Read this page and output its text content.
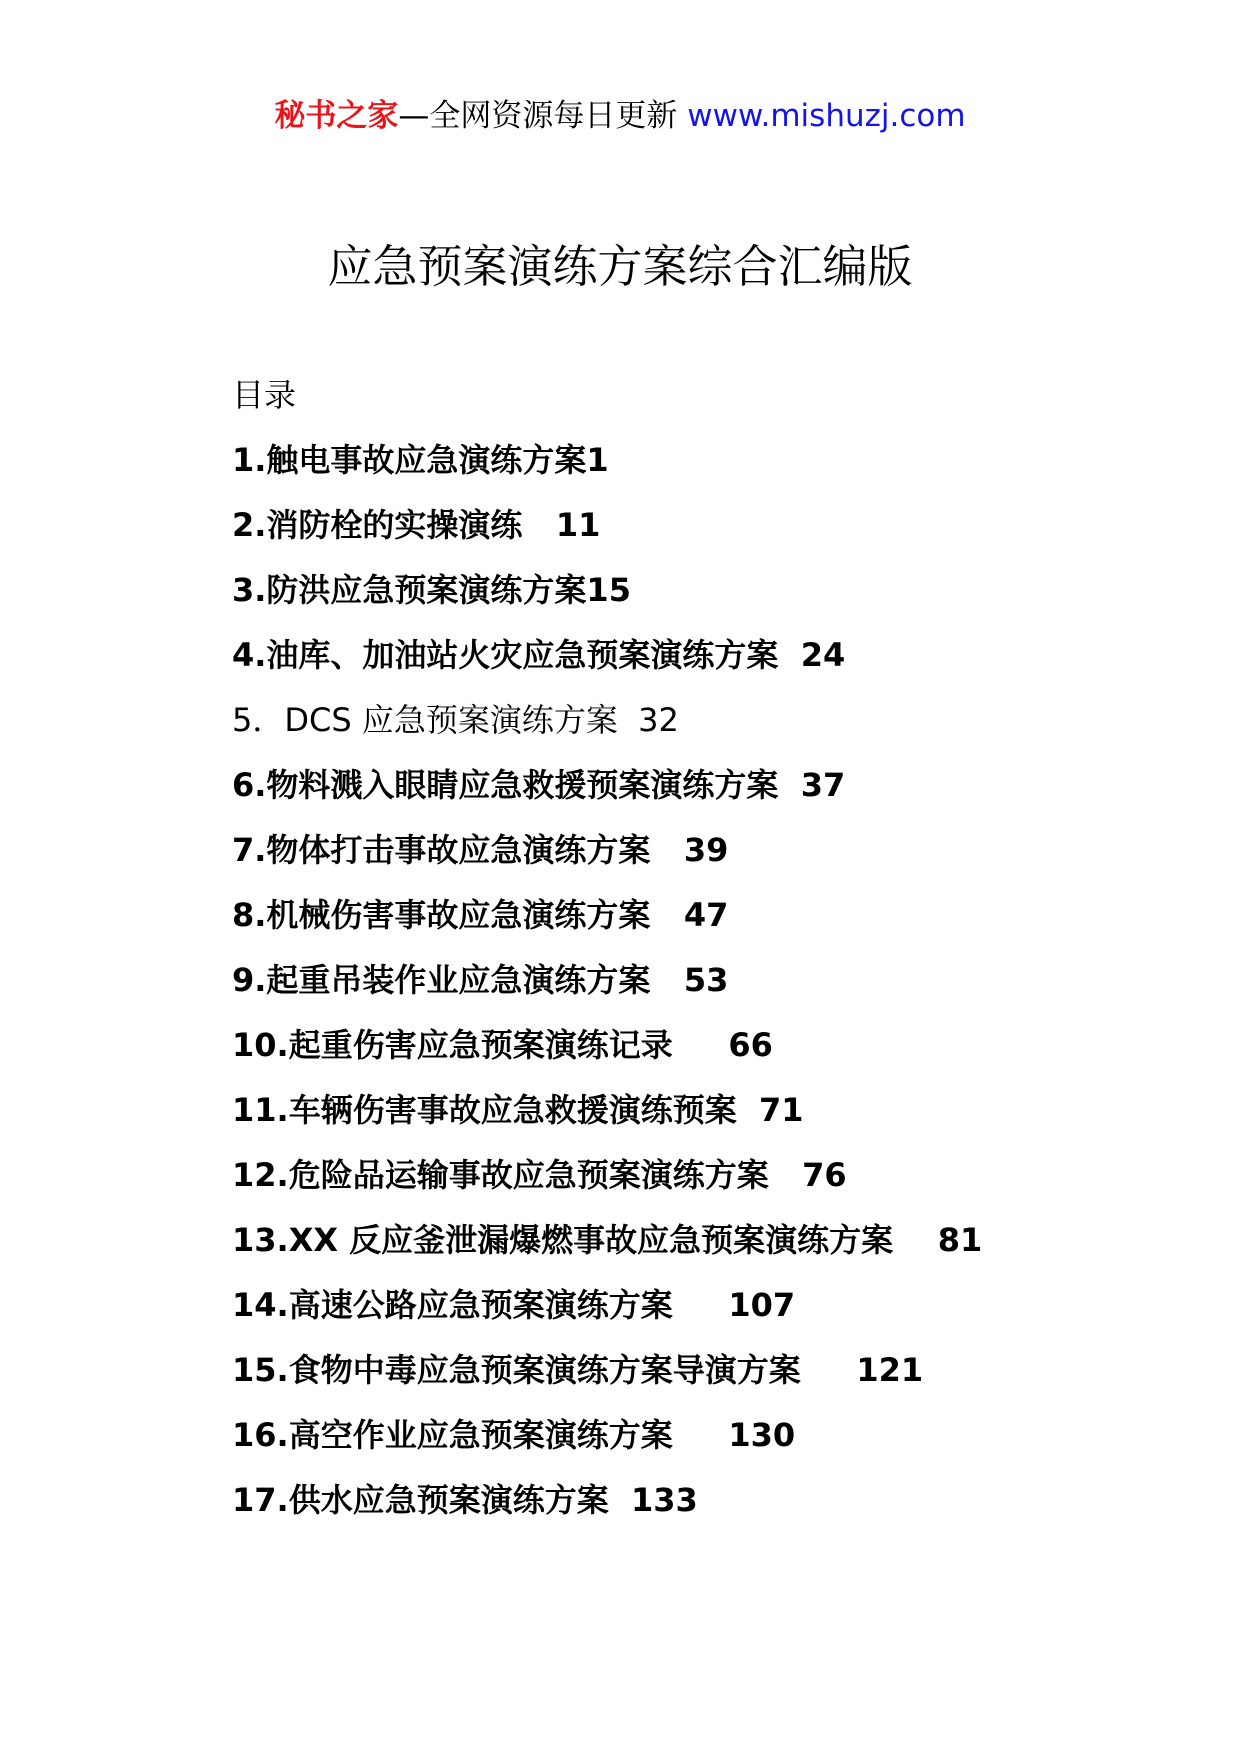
秘书之家—全网资源每日更新 www.mishuzj.com
应急预案演练方案综合汇编版
目录
1.触电事故应急演练方案1
2.消防栓的实操演练   11
3.防洪应急预案演练方案15
4.油库、加油站火灾应急预案演练方案  24
5．DCS 应急预案演练方案  32
6.物料溅入眼睛应急救援预案演练方案  37
7.物体打击事故应急演练方案   39
8.机械伤害事故应急演练方案   47
9.起重吊装作业应急演练方案   53
10.起重伤害应急预案演练记录     66
11.车辆伤害事故应急救援演练预案  71
12.危险品运输事故应急预案演练方案   76
13.XX 反应釜泄漏爆燃事故应急预案演练方案    81
14.高速公路应急预案演练方案     107
15.食物中毒应急预案演练方案导演方案     121
16.高空作业应急预案演练方案     130
17.供水应急预案演练方案  133
